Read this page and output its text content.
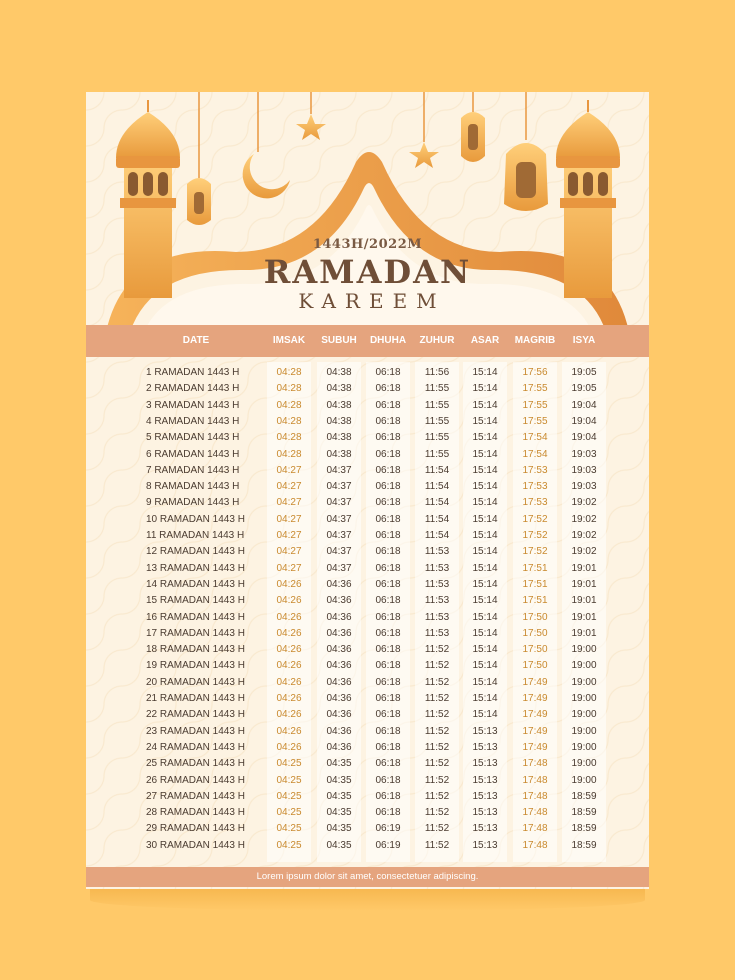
1443H/2022M
RAMADAN
KAREEM
DATE	IMSAK	SUBUH	DHUHA	ZUHUR	ASAR	MAGRIB	ISYA
1 RAMADAN 1443 H	04:28	04:38	06:18	11:56	15:14	17:56	19:05
2 RAMADAN 1443 H	04:28	04:38	06:18	11:55	15:14	17:55	19:05
3 RAMADAN 1443 H	04:28	04:38	06:18	11:55	15:14	17:55	19:04
4 RAMADAN 1443 H	04:28	04:38	06:18	11:55	15:14	17:55	19:04
5 RAMADAN 1443 H	04:28	04:38	06:18	11:55	15:14	17:54	19:04
6 RAMADAN 1443 H	04:28	04:38	06:18	11:55	15:14	17:54	19:03
7 RAMADAN 1443 H	04:27	04:37	06:18	11:54	15:14	17:53	19:03
8 RAMADAN 1443 H	04:27	04:37	06:18	11:54	15:14	17:53	19:03
9 RAMADAN 1443 H	04:27	04:37	06:18	11:54	15:14	17:53	19:02
10 RAMADAN 1443 H	04:27	04:37	06:18	11:54	15:14	17:52	19:02
11 RAMADAN 1443 H	04:27	04:37	06:18	11:54	15:14	17:52	19:02
12 RAMADAN 1443 H	04:27	04:37	06:18	11:53	15:14	17:52	19:02
13 RAMADAN 1443 H	04:27	04:37	06:18	11:53	15:14	17:51	19:01
14 RAMADAN 1443 H	04:26	04:36	06:18	11:53	15:14	17:51	19:01
15 RAMADAN 1443 H	04:26	04:36	06:18	11:53	15:14	17:51	19:01
16 RAMADAN 1443 H	04:26	04:36	06:18	11:53	15:14	17:50	19:01
17 RAMADAN 1443 H	04:26	04:36	06:18	11:53	15:14	17:50	19:01
18 RAMADAN 1443 H	04:26	04:36	06:18	11:52	15:14	17:50	19:00
19 RAMADAN 1443 H	04:26	04:36	06:18	11:52	15:14	17:50	19:00
20 RAMADAN 1443 H	04:26	04:36	06:18	11:52	15:14	17:49	19:00
21 RAMADAN 1443 H	04:26	04:36	06:18	11:52	15:14	17:49	19:00
22 RAMADAN 1443 H	04:26	04:36	06:18	11:52	15:14	17:49	19:00
23 RAMADAN 1443 H	04:26	04:36	06:18	11:52	15:13	17:49	19:00
24 RAMADAN 1443 H	04:26	04:36	06:18	11:52	15:13	17:49	19:00
25 RAMADAN 1443 H	04:25	04:35	06:18	11:52	15:13	17:48	19:00
26 RAMADAN 1443 H	04:25	04:35	06:18	11:52	15:13	17:48	19:00
27 RAMADAN 1443 H	04:25	04:35	06:18	11:52	15:13	17:48	18:59
28 RAMADAN 1443 H	04:25	04:35	06:18	11:52	15:13	17:48	18:59
29 RAMADAN 1443 H	04:25	04:35	06:19	11:52	15:13	17:48	18:59
30 RAMADAN 1443 H	04:25	04:35	06:19	11:52	15:13	17:48	18:59
Lorem ipsum dolor sit amet, consectetuer adipiscing.
